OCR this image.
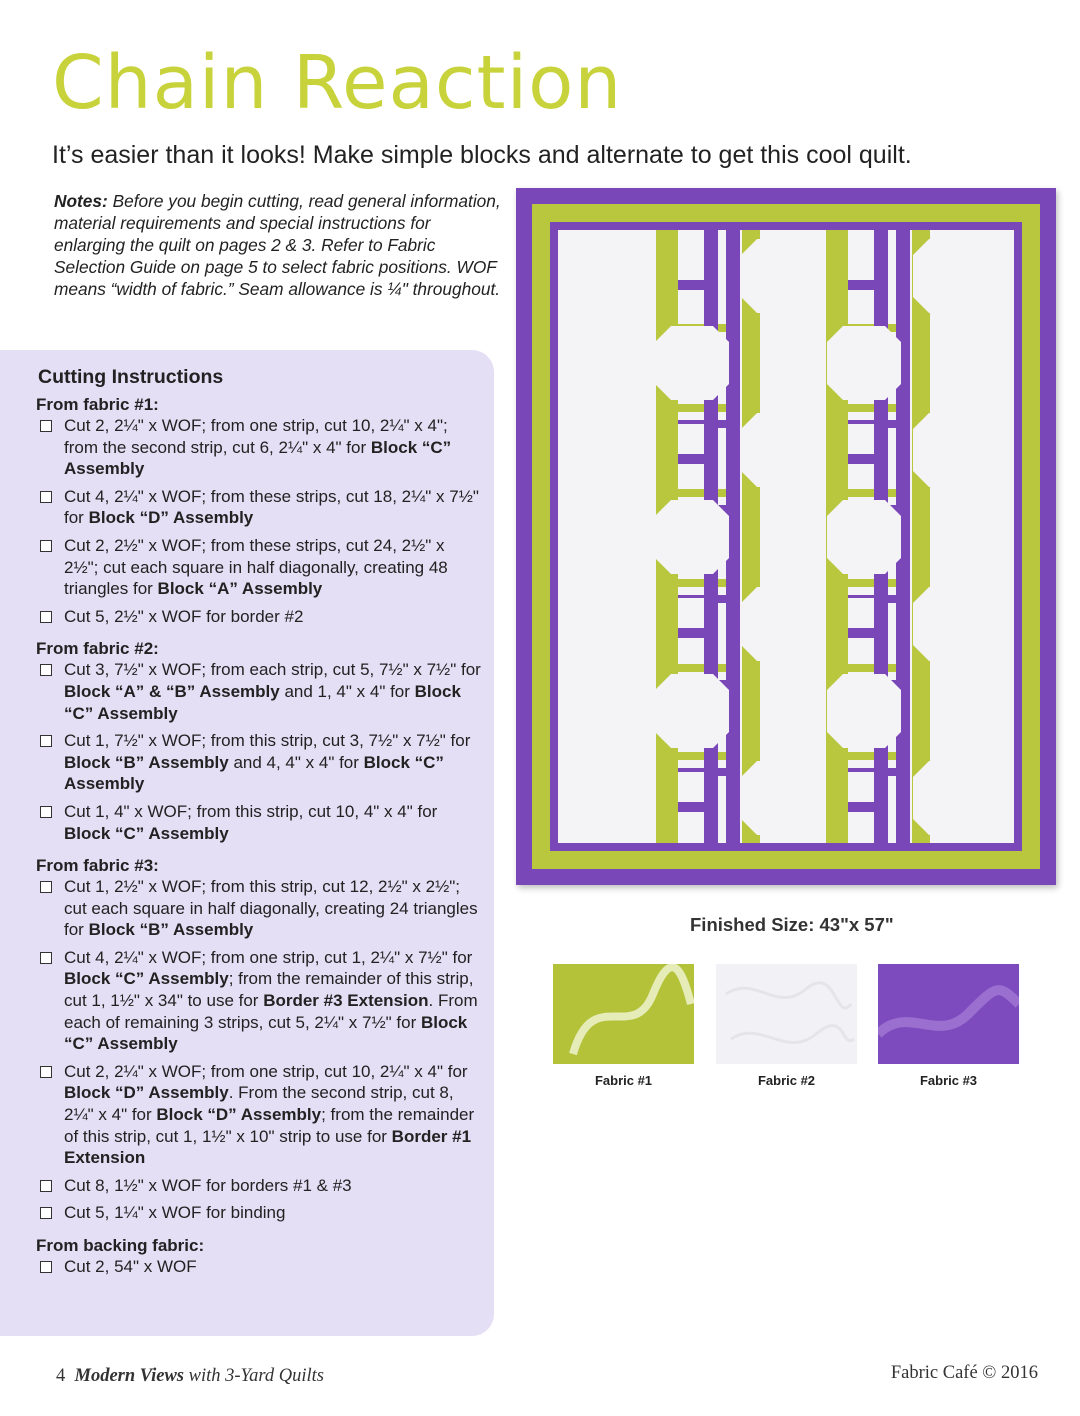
Chain Reaction

It’s easier than it looks! Make simple blocks and alternate to get this cool quilt.

Notes: Before you begin cutting, read general information, material requirements and special instructions for enlarging the quilt on pages 2 & 3. Refer to Fabric Selection Guide on page 5 to select fabric positions. WOF means “width of fabric.” Seam allowance is ¼" throughout.

Cutting Instructions
From fabric #1:
Cut 2, 2¼" x WOF; from one strip, cut 10, 2¼" x 4"; from the second strip, cut 6, 2¼" x 4" for Block “C” Assembly
Cut 4, 2¼" x WOF; from these strips, cut 18, 2¼" x 7½" for Block “D” Assembly
Cut 2, 2½" x WOF; from these strips, cut 24, 2½" x 2½"; cut each square in half diagonally, creating 48 triangles for Block “A” Assembly
Cut 5, 2½" x WOF for border #2
From fabric #2:
Cut 3, 7½" x WOF; from each strip, cut 5, 7½" x 7½" for Block “A” & “B” Assembly and 1, 4" x 4" for Block “C” Assembly
Cut 1, 7½" x WOF; from this strip, cut 3, 7½" x 7½" for Block “B” Assembly and 4, 4" x 4" for Block “C” Assembly
Cut 1, 4" x WOF; from this strip, cut 10, 4" x 4" for Block “C” Assembly
From fabric #3:
Cut 1, 2½" x WOF; from this strip, cut 12, 2½" x 2½"; cut each square in half diagonally, creating 24 triangles for Block “B” Assembly
Cut 4, 2¼" x WOF; from one strip, cut 1, 2¼" x 7½" for Block “C” Assembly; from the remainder of this strip, cut 1, 1½" x 34" to use for Border #3 Extension. From each of remaining 3 strips, cut 5, 2¼" x 7½" for Block “C” Assembly
Cut 2, 2¼" x WOF; from one strip, cut 10, 2¼" x 4" for Block “D” Assembly. From the second strip, cut 8, 2¼" x 4" for Block “D” Assembly; from the remainder of this strip, cut 1, 1½" x 10" strip to use for Border #1 Extension
Cut 8, 1½" x WOF for borders #1 & #3
Cut 5, 1¼" x WOF for binding
From backing fabric:
Cut 2, 54" x WOF
Finished Size: 43"x 57"
Fabric #1	Fabric #2	Fabric #3
4 Modern Views with 3-Yard Quilts	Fabric Café © 2016
